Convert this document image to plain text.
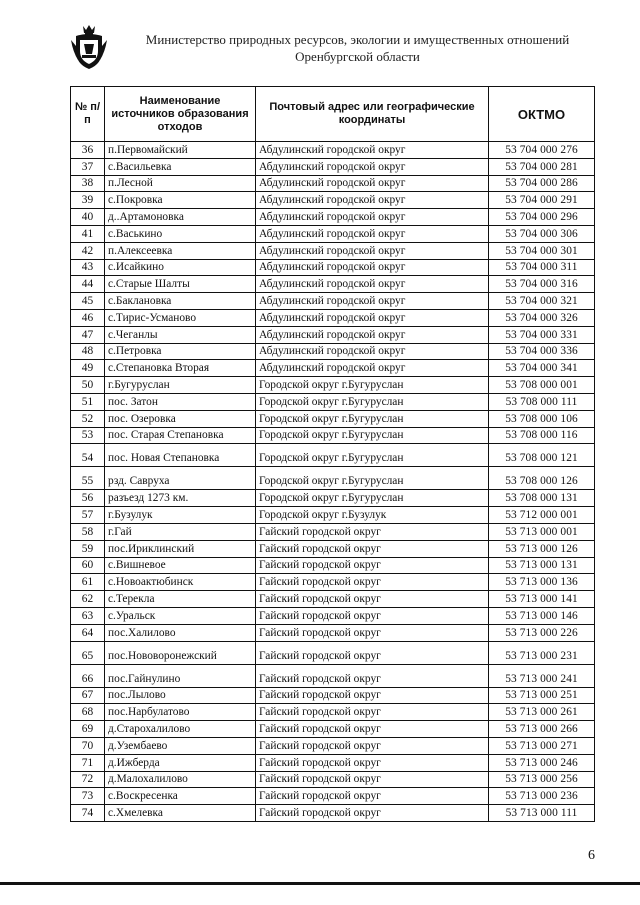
Министерство природных ресурсов, экологии и имущественных отношений
Оренбургской области
№ п/п	Наименование источников образования отходов	Почтовый адрес или географические координаты	ОКТМО
36	п.Первомайский	Абдулинский городской округ	53 704 000 276
37	с.Васильевка	Абдулинский городской округ	53 704 000 281
38	п.Лесной	Абдулинский городской округ	53 704 000 286
39	с.Покровка	Абдулинский городской округ	53 704 000 291
40	д..Артамоновка	Абдулинский городской округ	53 704 000 296
41	с.Васькино	Абдулинский городской округ	53 704 000 306
42	п.Алексеевка	Абдулинский городской округ	53 704 000 301
43	с.Исайкино	Абдулинский городской округ	53 704 000 311
44	с.Старые Шалты	Абдулинский городской округ	53 704 000 316
45	с.Баклановка	Абдулинский городской округ	53 704 000 321
46	с.Тирис-Усманово	Абдулинский городской округ	53 704 000 326
47	с.Чеганлы	Абдулинский городской округ	53 704 000 331
48	с.Петровка	Абдулинский городской округ	53 704 000 336
49	с.Степановка Вторая	Абдулинский городской округ	53 704 000 341
50	г.Бугуруслан	Городской округ г.Бугуруслан	53 708 000 001
51	пос. Затон	Городской округ г.Бугуруслан	53 708 000 111
52	пос. Озеровка	Городской округ г.Бугуруслан	53 708 000 106
53	пос. Старая Степановка	Городской округ г.Бугуруслан	53 708 000 116
54	пос. Новая Степановка	Городской округ г.Бугуруслан	53 708 000 121
55	рзд. Савруха	Городской округ г.Бугуруслан	53 708 000 126
56	разъезд 1273 км.	Городской округ г.Бугуруслан	53 708 000 131
57	г.Бузулук	Городской округ г.Бузулук	53 712 000 001
58	г.Гай	Гайский городской округ	53 713 000 001
59	пос.Ириклинский	Гайский городской округ	53 713 000 126
60	с.Вишневое	Гайский городской округ	53 713 000 131
61	с.Новоактюбинск	Гайский городской округ	53 713 000 136
62	с.Терекла	Гайский городской округ	53 713 000 141
63	с.Уральск	Гайский городской округ	53 713 000 146
64	пос.Халилово	Гайский городской округ	53 713 000 226
65	пос.Нововоронежский	Гайский городской округ	53 713 000 231
66	пос.Гайнулино	Гайский городской округ	53 713 000 241
67	пос.Лылово	Гайский городской округ	53 713 000 251
68	пос.Нарбулатово	Гайский городской округ	53 713 000 261
69	д.Старохалилово	Гайский городской округ	53 713 000 266
70	д.Узембаево	Гайский городской округ	53 713 000 271
71	д.Ижберда	Гайский городской округ	53 713 000 246
72	д.Малохалилово	Гайский городской округ	53 713 000 256
73	с.Воскресенка	Гайский городской округ	53 713 000 236
74	с.Хмелевка	Гайский городской округ	53 713 000 111
6
